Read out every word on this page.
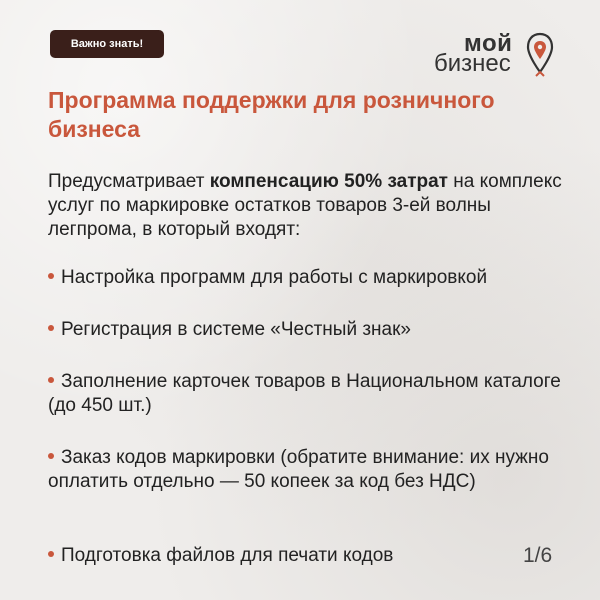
Важно знать!	мой
бизнес
Программа поддержки для розничного бизнеса
Предусматривает компенсацию 50% затрат на комплекс услуг по маркировке остатков товаров 3-ей волны легпрома, в который входят:
Настройка программ для работы с маркировкой
Регистрация в системе «Честный знак»
Заполнение карточек товаров в Национальном каталоге (до 450 шт.)
Заказ кодов маркировки (обратите внимание: их нужно оплатить отдельно — 50 копеек за код без НДС)
Подготовка файлов для печати кодов	1/6
